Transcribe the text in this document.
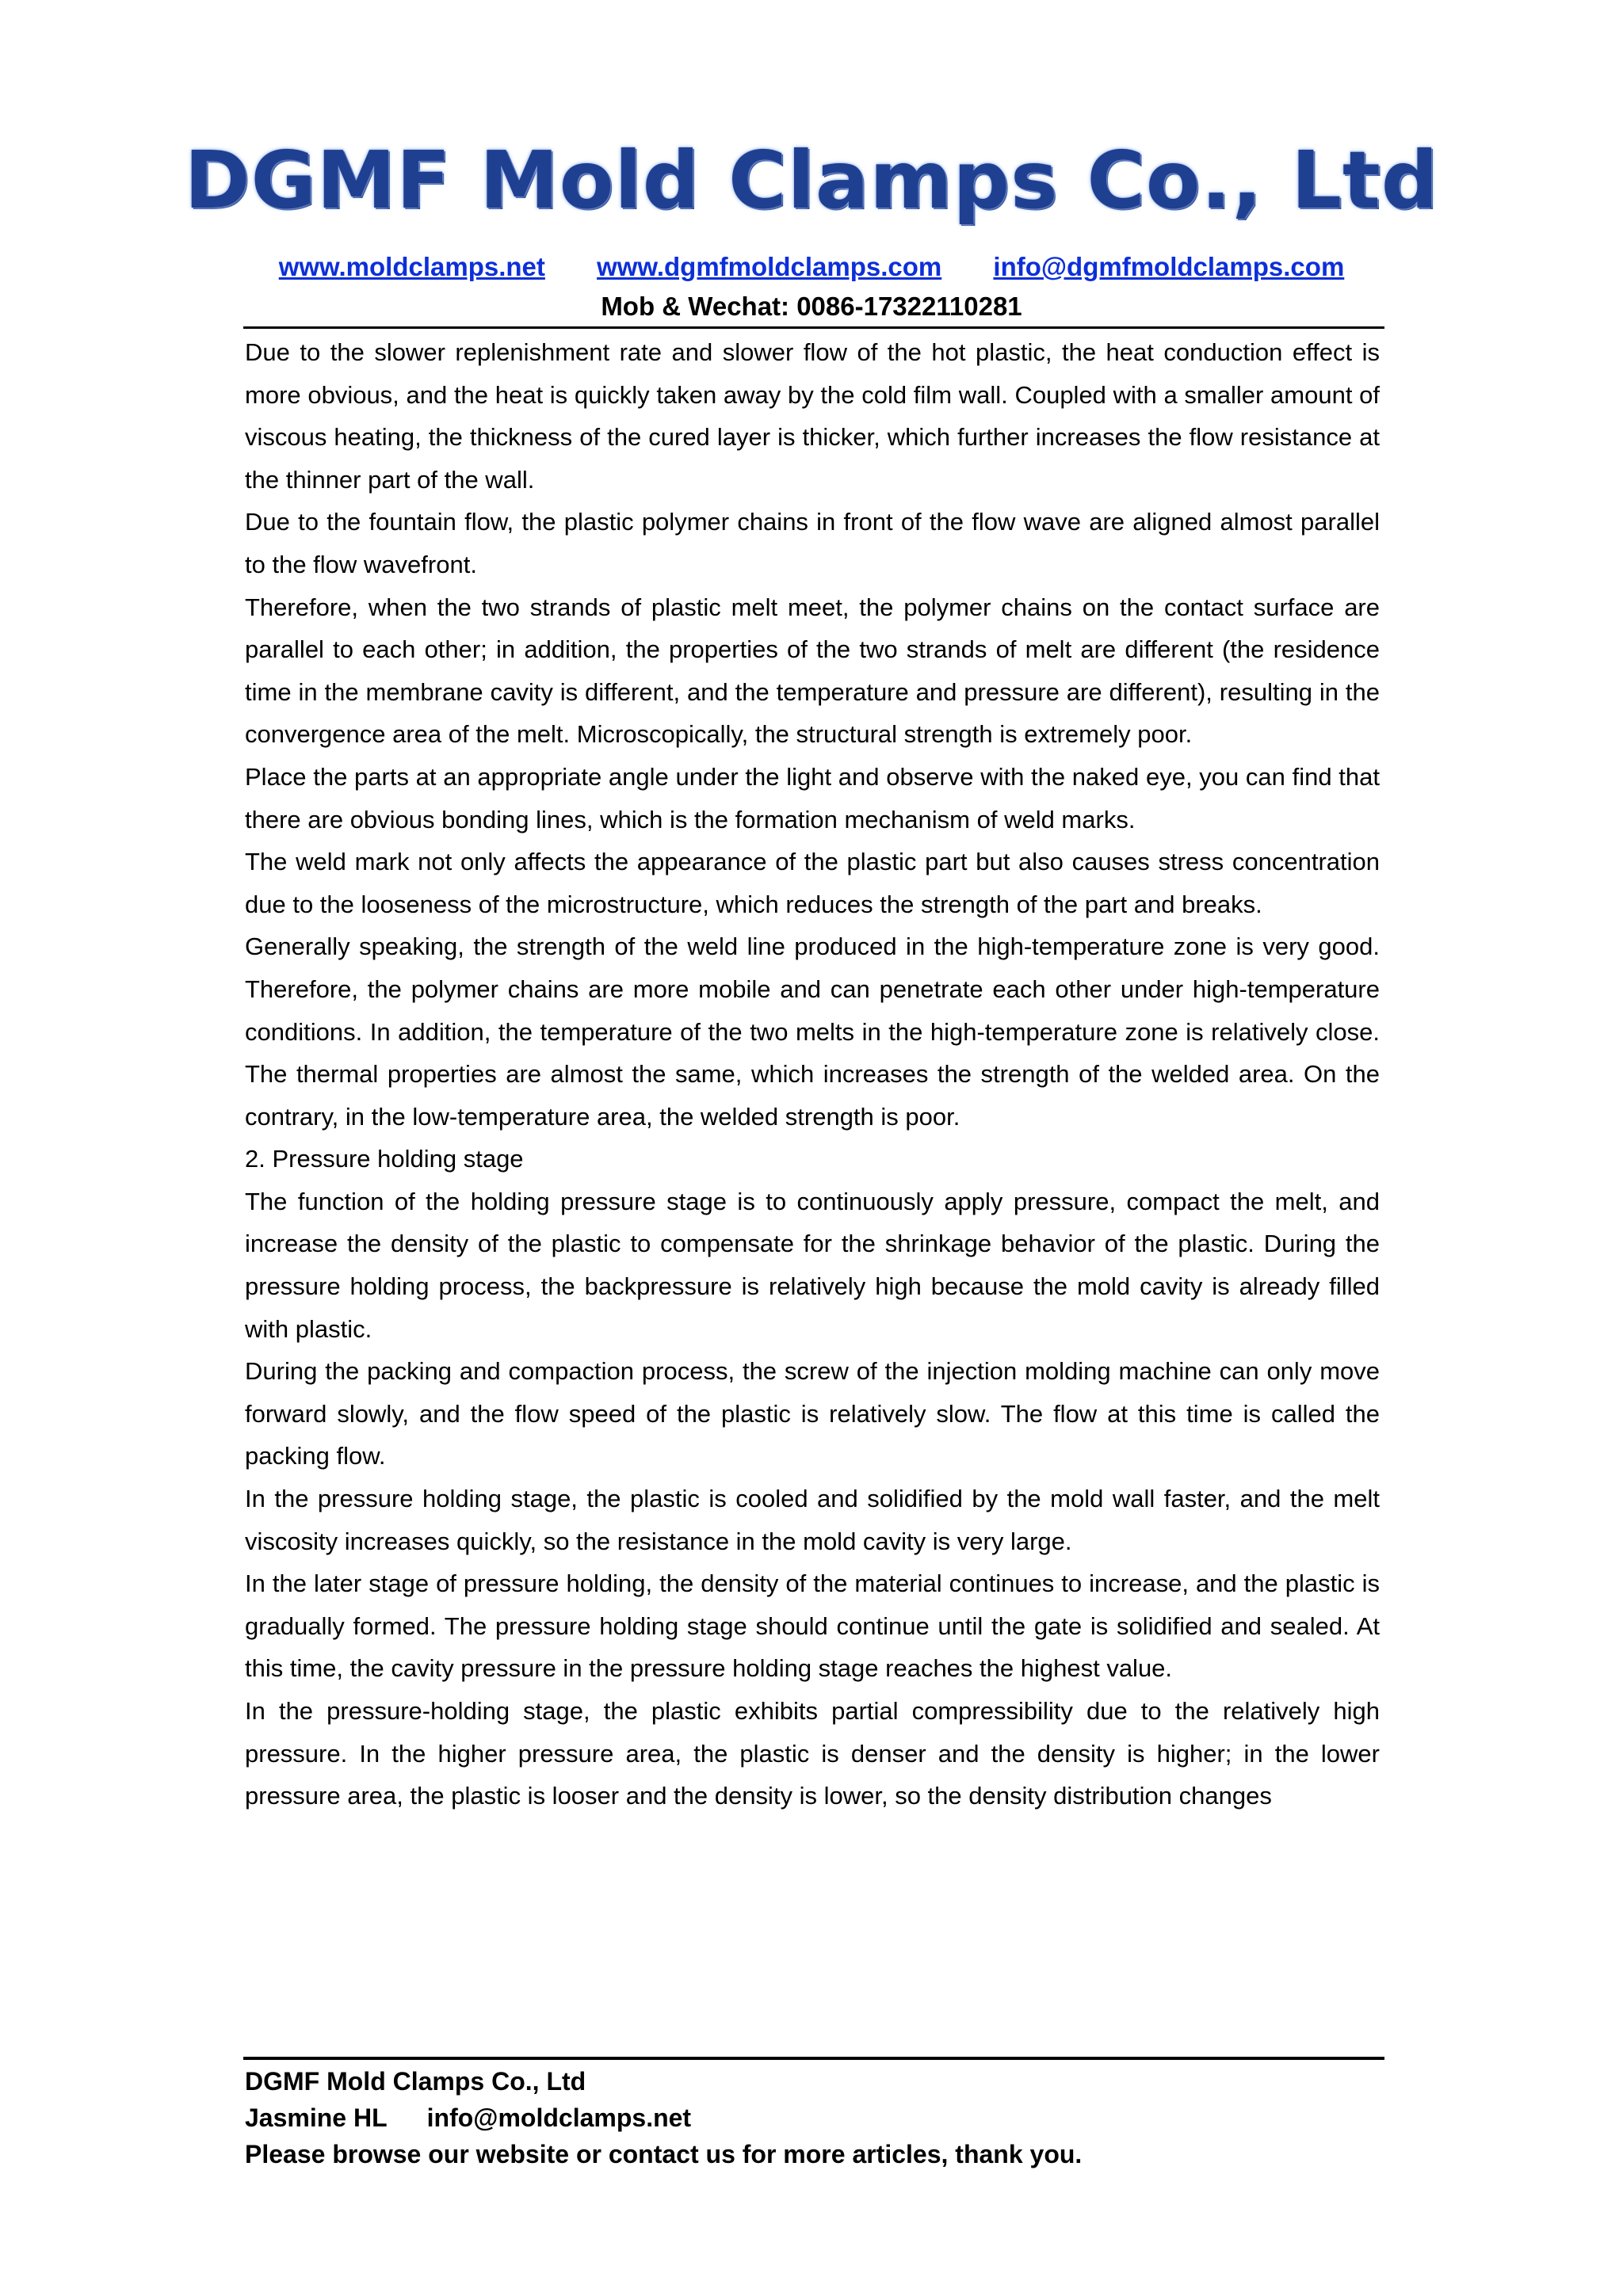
DGMF Mold Clamps Co., Ltd
www.moldclamps.net www.dgmfmoldclamps.com info@dgmfmoldclamps.com
Mob & Wechat: 0086-17322110281

Due to the slower replenishment rate and slower flow of the hot plastic, the heat conduction effect is more obvious, and the heat is quickly taken away by the cold film wall. Coupled with a smaller amount of viscous heating, the thickness of the cured layer is thicker, which further increases the flow resistance at the thinner part of the wall.

Due to the fountain flow, the plastic polymer chains in front of the flow wave are aligned almost parallel to the flow wavefront.

Therefore, when the two strands of plastic melt meet, the polymer chains on the contact surface are parallel to each other; in addition, the properties of the two strands of melt are different (the residence time in the membrane cavity is different, and the temperature and pressure are different), resulting in the convergence area of the melt. Microscopically, the structural strength is extremely poor.

Place the parts at an appropriate angle under the light and observe with the naked eye, you can find that there are obvious bonding lines, which is the formation mechanism of weld marks.

The weld mark not only affects the appearance of the plastic part but also causes stress concentration due to the looseness of the microstructure, which reduces the strength of the part and breaks.

Generally speaking, the strength of the weld line produced in the high-temperature zone is very good. Therefore, the polymer chains are more mobile and can penetrate each other under high-temperature conditions. In addition, the temperature of the two melts in the high-temperature zone is relatively close. The thermal properties are almost the same, which increases the strength of the welded area. On the contrary, in the low-temperature area, the welded strength is poor.

2. Pressure holding stage

The function of the holding pressure stage is to continuously apply pressure, compact the melt, and increase the density of the plastic to compensate for the shrinkage behavior of the plastic. During the pressure holding process, the backpressure is relatively high because the mold cavity is already filled with plastic.

During the packing and compaction process, the screw of the injection molding machine can only move forward slowly, and the flow speed of the plastic is relatively slow. The flow at this time is called the packing flow.

In the pressure holding stage, the plastic is cooled and solidified by the mold wall faster, and the melt viscosity increases quickly, so the resistance in the mold cavity is very large.

In the later stage of pressure holding, the density of the material continues to increase, and the plastic is gradually formed. The pressure holding stage should continue until the gate is solidified and sealed. At this time, the cavity pressure in the pressure holding stage reaches the highest value.

In the pressure-holding stage, the plastic exhibits partial compressibility due to the relatively high pressure. In the higher pressure area, the plastic is denser and the density is higher; in the lower pressure area, the plastic is looser and the density is lower, so the density distribution changes

DGMF Mold Clamps Co., Ltd
Jasmine HL info@moldclamps.net
Please browse our website or contact us for more articles, thank you.
